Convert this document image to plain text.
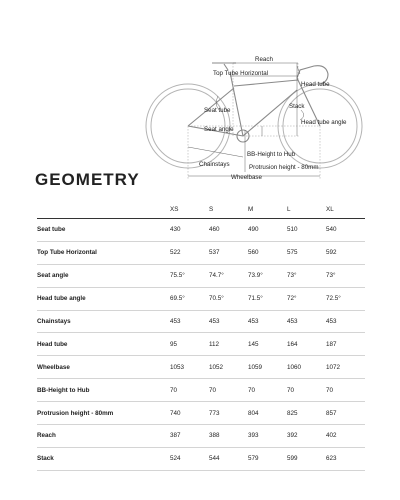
Reach
Top Tube Horizontal
Head tube
Seat tube
Stack
Head tube angle
Seat angle
Chainstays
BB-Height to Hub
Protrusion height - 80mm
Wheelbase
GEOMETRY
	XS	S	M	L	XL
Seat tube	430	460	490	510	540
Top Tube Horizontal	522	537	560	575	592
Seat angle	75.5°	74.7°	73.9°	73°	73°
Head tube angle	69.5°	70.5°	71.5°	72°	72.5°
Chainstays	453	453	453	453	453
Head tube	95	112	145	164	187
Wheelbase	1053	1052	1059	1060	1072
BB-Height to Hub	70	70	70	70	70
Protrusion height - 80mm	740	773	804	825	857
Reach	387	388	393	392	402
Stack	524	544	579	599	623
